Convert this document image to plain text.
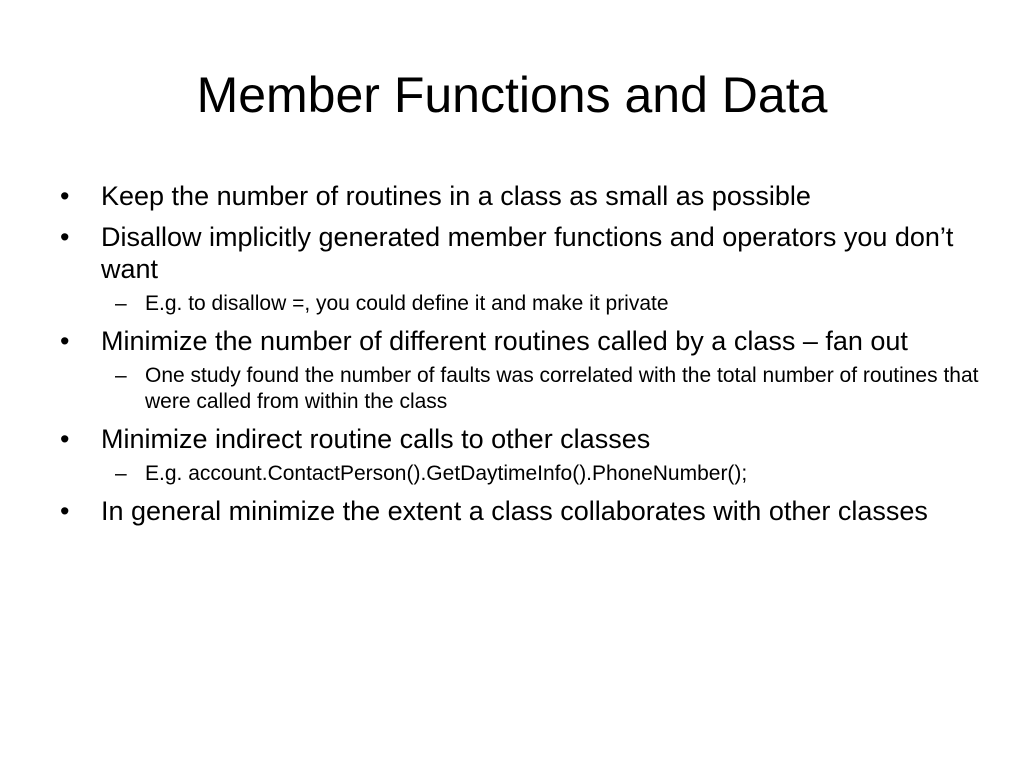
Member Functions and Data
•	Keep the number of routines in a class as small as possible
•	Disallow implicitly generated member functions and operators you don’t want
– E.g. to disallow =, you could define it and make it private
•	Minimize the number of different routines called by a class – fan out
– One study found the number of faults was correlated with the total number of routines that were called from within the class
•	Minimize indirect routine calls to other classes
– E.g. account.ContactPerson().GetDaytimeInfo().PhoneNumber();
•	In general minimize the extent a class collaborates with other classes
